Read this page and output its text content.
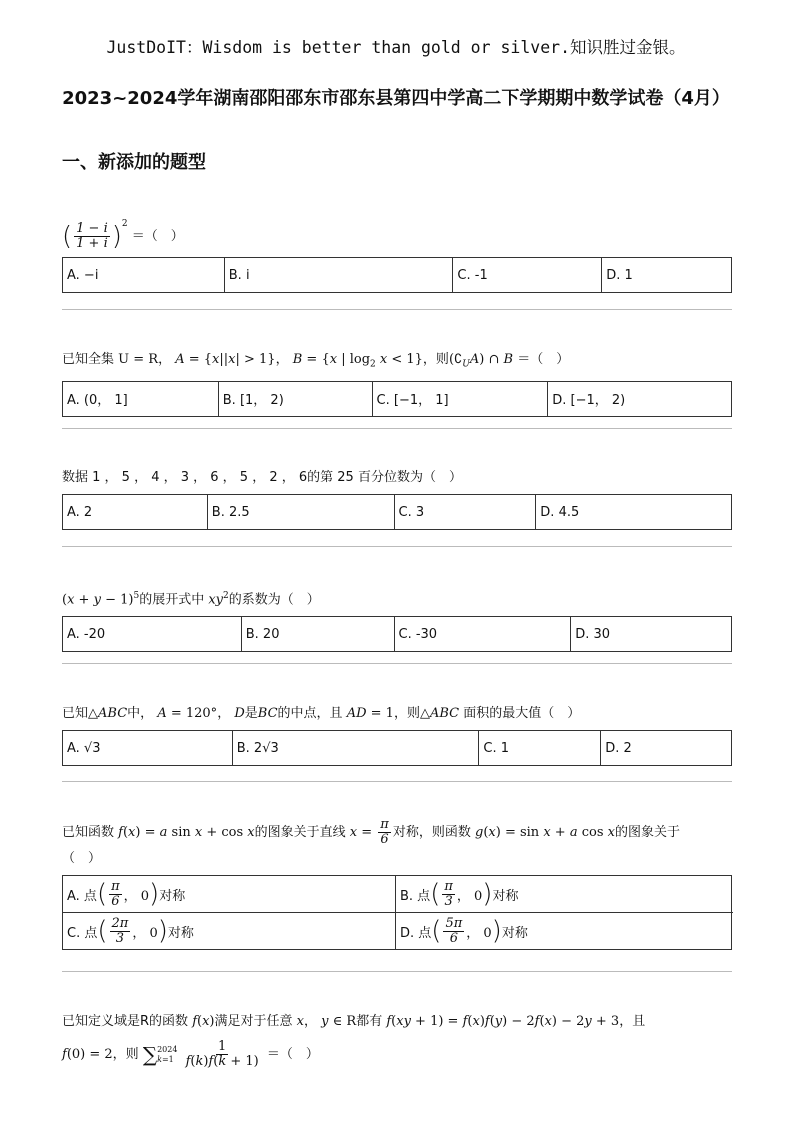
JustDoIT：Wisdom is better than gold or silver.知识胜过金银。
2023~2024学年湖南邵阳邵东市邵东县第四中学高二下学期期中数学试卷（4月）
一、新添加的题型
( $\frac{1 - i}{1 + i} )^2$ ＝（　）
A. −i	B. i	C. -1	D. 1
已知全集 U = R， A = {x||x| > 1}， B = {x | $\log_2 x < 1$}，则$(∁_UA)$ ∩ B ＝（　）
A. (0， 1]	B. [1， 2)	C. [−1， 1]	D. [−1， 2)
数据 1 ， 5 ， 4 ， 3 ， 6 ， 5 ， 2 ， 6的第 25 百分位数为（　）
A. 2	B. 2.5	C. 3	D. 4.5
$(x + y - 1)^5$的展开式中 $xy^2$的系数为（　）
A. -20	B. 20	C. -30	D. 30
已知△ABC中， A = 120°， D是BC的中点，且 AD = 1，则△ABC 面积的最大值（　）
A. √3	B. 2√3	C. 1	D. 2
已知函数 f(x) = a sin x + cos x的图象关于直线 $x = \frac{\pi}{6}$ 对称，则函数 g(x) = sin x + a cos x的图象关于
（　）
A. 点 ( $\frac{\pi}{6}$ ， 0 ) 对称	B. 点 ( $\frac{\pi}{3}$ ， 0 ) 对称
C. 点 ( $\frac{2\pi}{3}$ ， 0 ) 对称	D. 点 ( $\frac{5\pi}{6}$ ， 0 ) 对称
已知定义域是R的函数 f(x)满足对于任意 x， y ∈ R都有 f(xy + 1) = f(x)f(y) − 2f(x) − 2y + 3，且
f(0) = 2，则 ∑ 2024
k=1
$\frac{1}{f(k)f(k + 1)}$ ＝（　）
